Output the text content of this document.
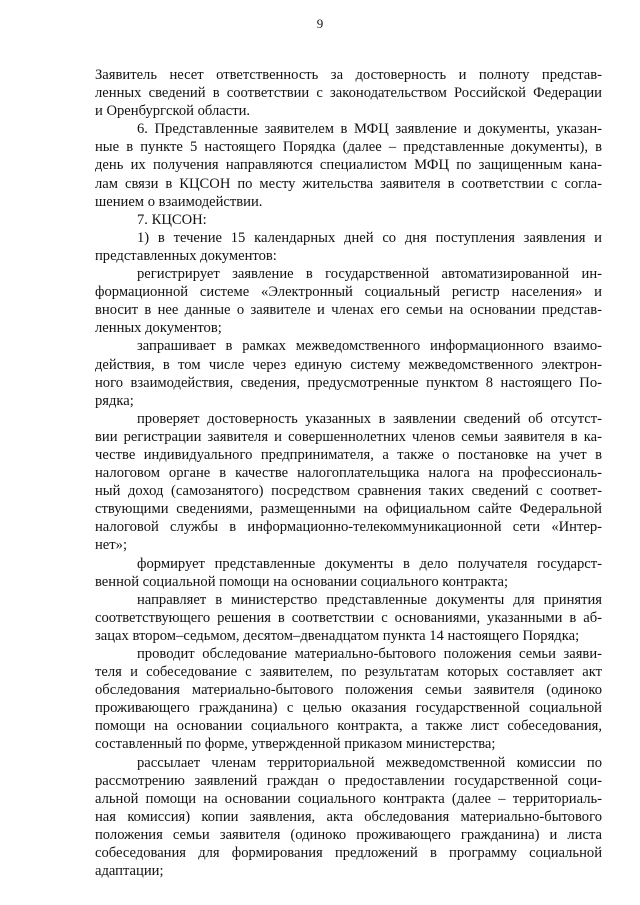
9
Заявитель несет ответственность за достоверность и полноту представ-
ленных сведений в соответствии с законодательством Российской Федерации
и Оренбургской области.
6. Представленные заявителем в МФЦ заявление и документы, указан-
ные в пункте 5 настоящего Порядка (далее – представленные документы), в
день их получения направляются специалистом МФЦ по защищенным кана-
лам связи в КЦСОН по месту жительства заявителя в соответствии с согла-
шением о взаимодействии.
7. КЦСОН:
1) в течение 15 календарных дней со дня поступления заявления и
представленных документов:
регистрирует заявление в государственной автоматизированной ин-
формационной системе «Электронный социальный регистр населения» и
вносит в нее данные о заявителе и членах его семьи на основании представ-
ленных документов;
запрашивает в рамках межведомственного информационного взаимо-
действия, в том числе через единую систему межведомственного электрон-
ного взаимодействия, сведения, предусмотренные пунктом 8 настоящего По-
рядка;
проверяет достоверность указанных в заявлении сведений об отсутст-
вии регистрации заявителя и совершеннолетних членов семьи заявителя в ка-
честве индивидуального предпринимателя, а также о постановке на учет в
налоговом органе в качестве налогоплательщика налога на профессиональ-
ный доход (самозанятого) посредством сравнения таких сведений с соответ-
ствующими сведениями, размещенными на официальном сайте Федеральной
налоговой службы в информационно-телекоммуникационной сети «Интер-
нет»;
формирует представленные документы в дело получателя государст-
венной социальной помощи на основании социального контракта;
направляет в министерство представленные документы для принятия
соответствующего решения в соответствии с основаниями, указанными в аб-
зацах втором–седьмом, десятом–двенадцатом пункта 14 настоящего Порядка;
проводит обследование материально-бытового положения семьи заяви-
теля и собеседование с заявителем, по результатам которых составляет акт
обследования материально-бытового положения семьи заявителя (одиноко
проживающего гражданина) с целью оказания государственной социальной
помощи на основании социального контракта, а также лист собеседования,
составленный по форме, утвержденной приказом министерства;
рассылает членам территориальной межведомственной комиссии по
рассмотрению заявлений граждан о предоставлении государственной соци-
альной помощи на основании социального контракта (далее – территориаль-
ная комиссия) копии заявления, акта обследования материально-бытового
положения семьи заявителя (одиноко проживающего гражданина) и листа
собеседования для формирования предложений в программу социальной
адаптации;
